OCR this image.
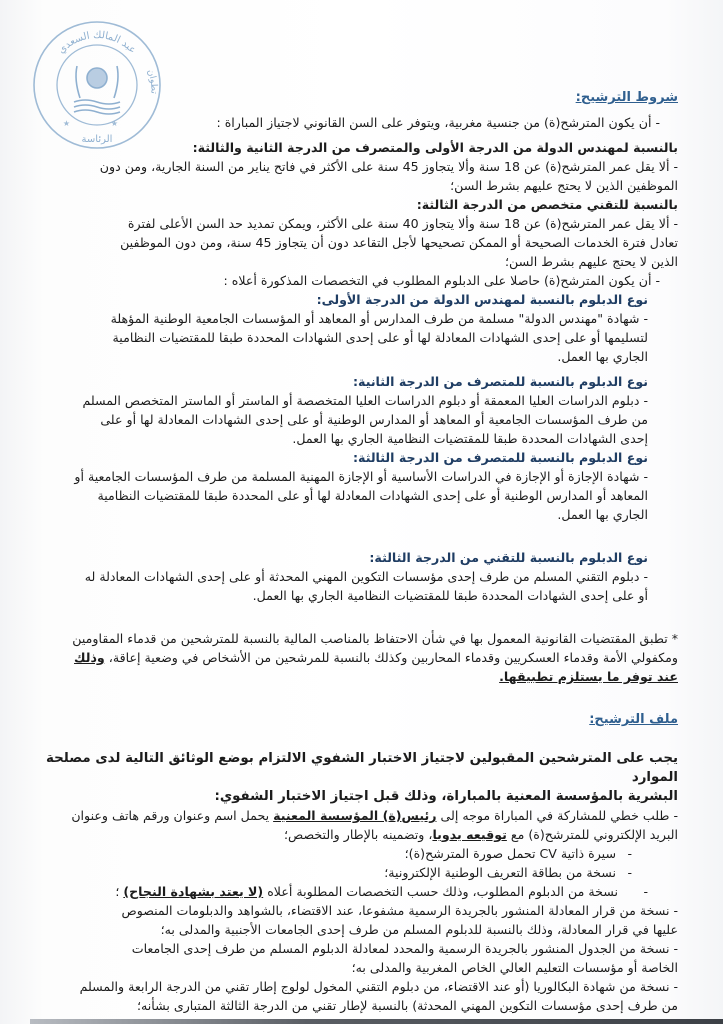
عبد المالك السعدي
تطوان
الرئاسة
★	★

شروط الترشيح:

- أن يكون المترشح(ة) من جنسية مغربية، ويتوفر على السن القانوني لاجتياز المباراة :

بالنسبة لمهندس الدولة من الدرجة الأولى والمتصرف من الدرجة الثانية والثالثة:

- ألا يقل عمر المترشح(ة) عن 18 سنة وألا يتجاوز 45 سنة على الأكثر في فاتح يناير من السنة الجارية، ومن دون

الموظفين الذين لا يحتج عليهم بشرط السن؛

بالنسبة للتقني متخصص من الدرجة الثالثة:

- ألا يقل عمر المترشح(ة) عن 18 سنة وألا يتجاوز 40 سنة على الأكثر، ويمكن تمديد حد السن الأعلى لفترة

تعادل فترة الخدمات الصحيحة أو الممكن تصحيحها لأجل التقاعد دون أن يتجاوز 45 سنة، ومن دون الموظفين

الذين لا يحتج عليهم بشرط السن؛

- أن يكون المترشح(ة) حاصلا على الدبلوم المطلوب في التخصصات المذكورة أعلاه :

نوع الدبلوم بالنسبة لمهندس الدولة من الدرجة الأولى:

- شهادة "مهندس الدولة" مسلمة من طرف المدارس أو المعاهد أو المؤسسات الجامعية الوطنية المؤهلة

لتسليمها أو على إحدى الشهادات المعادلة لها أو على إحدى الشهادات المحددة طبقا للمقتضيات النظامية

الجاري بها العمل.

نوع الدبلوم بالنسبة للمتصرف من الدرجة الثانية:

- دبلوم الدراسات العليا المعمقة أو دبلوم الدراسات العليا المتخصصة أو الماستر أو الماستر المتخصص المسلم

من طرف المؤسسات الجامعية أو المعاهد أو المدارس الوطنية أو على إحدى الشهادات المعادلة لها أو على

إحدى الشهادات المحددة طبقا للمقتضيات النظامية الجاري بها العمل.

نوع الدبلوم بالنسبة للمتصرف من الدرجة الثالثة:

- شهادة الإجازة أو الإجازة في الدراسات الأساسية أو الإجازة المهنية المسلمة من طرف المؤسسات الجامعية أو

المعاهد أو المدارس الوطنية أو على إحدى الشهادات المعادلة لها أو على المحددة طبقا للمقتضيات النظامية

الجاري بها العمل.

نوع الدبلوم بالنسبة للتقني من الدرجة الثالثة:

- دبلوم التقني المسلم من طرف إحدى مؤسسات التكوين المهني المحدثة أو على إحدى الشهادات المعادلة له

أو على إحدى الشهادات المحددة طبقا للمقتضيات النظامية الجاري بها العمل.

* تطبق المقتضيات القانونية المعمول بها في شأن الاحتفاظ بالمناصب المالية بالنسبة للمترشحين من قدماء المقاومين

ومكفولي الأمة وقدماء العسكريين وقدماء المحاربين وكذلك بالنسبة للمرشحين من الأشخاص في وضعية إعاقة، وذلك

عند توفر ما يستلزم تطبيقها.

ملف الترشيح:

يجب على المترشحين المقبولين لاجتياز الاختبار الشفوي الالتزام بوضع الوثائق التالية لدى مصلحة الموارد

البشرية بالمؤسسة المعنية بالمباراة، وذلك قبل اجتياز الاختبار الشفوي:

- طلب خطي للمشاركة في المباراة موجه إلى رئيس(ة) المؤسسة المعنية يحمل اسم وعنوان ورقم هاتف وعنوان

البريد الإلكتروني للمترشح(ة) مع توقيعه يدويا، وتضمينه بالإطار والتخصص؛

-سيرة ذاتية CV تحمل صورة المترشح(ة)؛

-نسخة من بطاقة التعريف الوطنية الإلكترونية؛

-نسخة من الدبلوم المطلوب، وذلك حسب التخصصات المطلوبة أعلاه (لا يعتد بشهادة النجاح) ؛

- نسخة من قرار المعادلة المنشور بالجريدة الرسمية مشفوعا، عند الاقتضاء، بالشواهد والدبلومات المنصوص

عليها في قرار المعادلة، وذلك بالنسبة للدبلوم المسلم من طرف إحدى الجامعات الأجنبية والمدلى به؛

- نسخة من الجدول المنشور بالجريدة الرسمية والمحدد لمعادلة الدبلوم المسلم من طرف إحدى الجامعات

الخاصة أو مؤسسات التعليم العالي الخاص المغربية والمدلى به؛

- نسخة من شهادة البكالوريا (أو عند الاقتضاء، من دبلوم التقني المخول لولوج إطار تقني من الدرجة الرابعة والمسلم

من طرف إحدى مؤسسات التكوين المهني المحدثة) بالنسبة لإطار تقني من الدرجة الثالثة المتبارى بشأنه؛
